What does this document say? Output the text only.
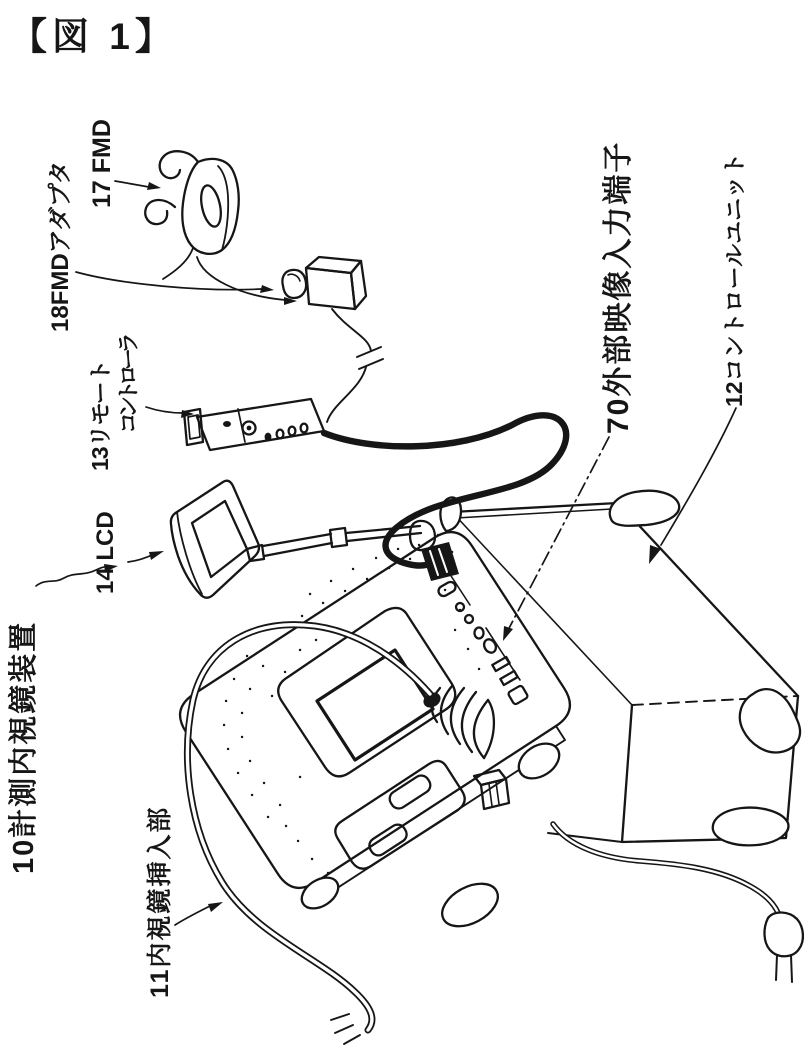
【図 1】
17 FMD
18FMDアダプタ
13リモート コントローラ
14 LCD
10計測内視鏡装置
11内視鏡挿入部
70外部映像入力端子	12コントロールユニット
